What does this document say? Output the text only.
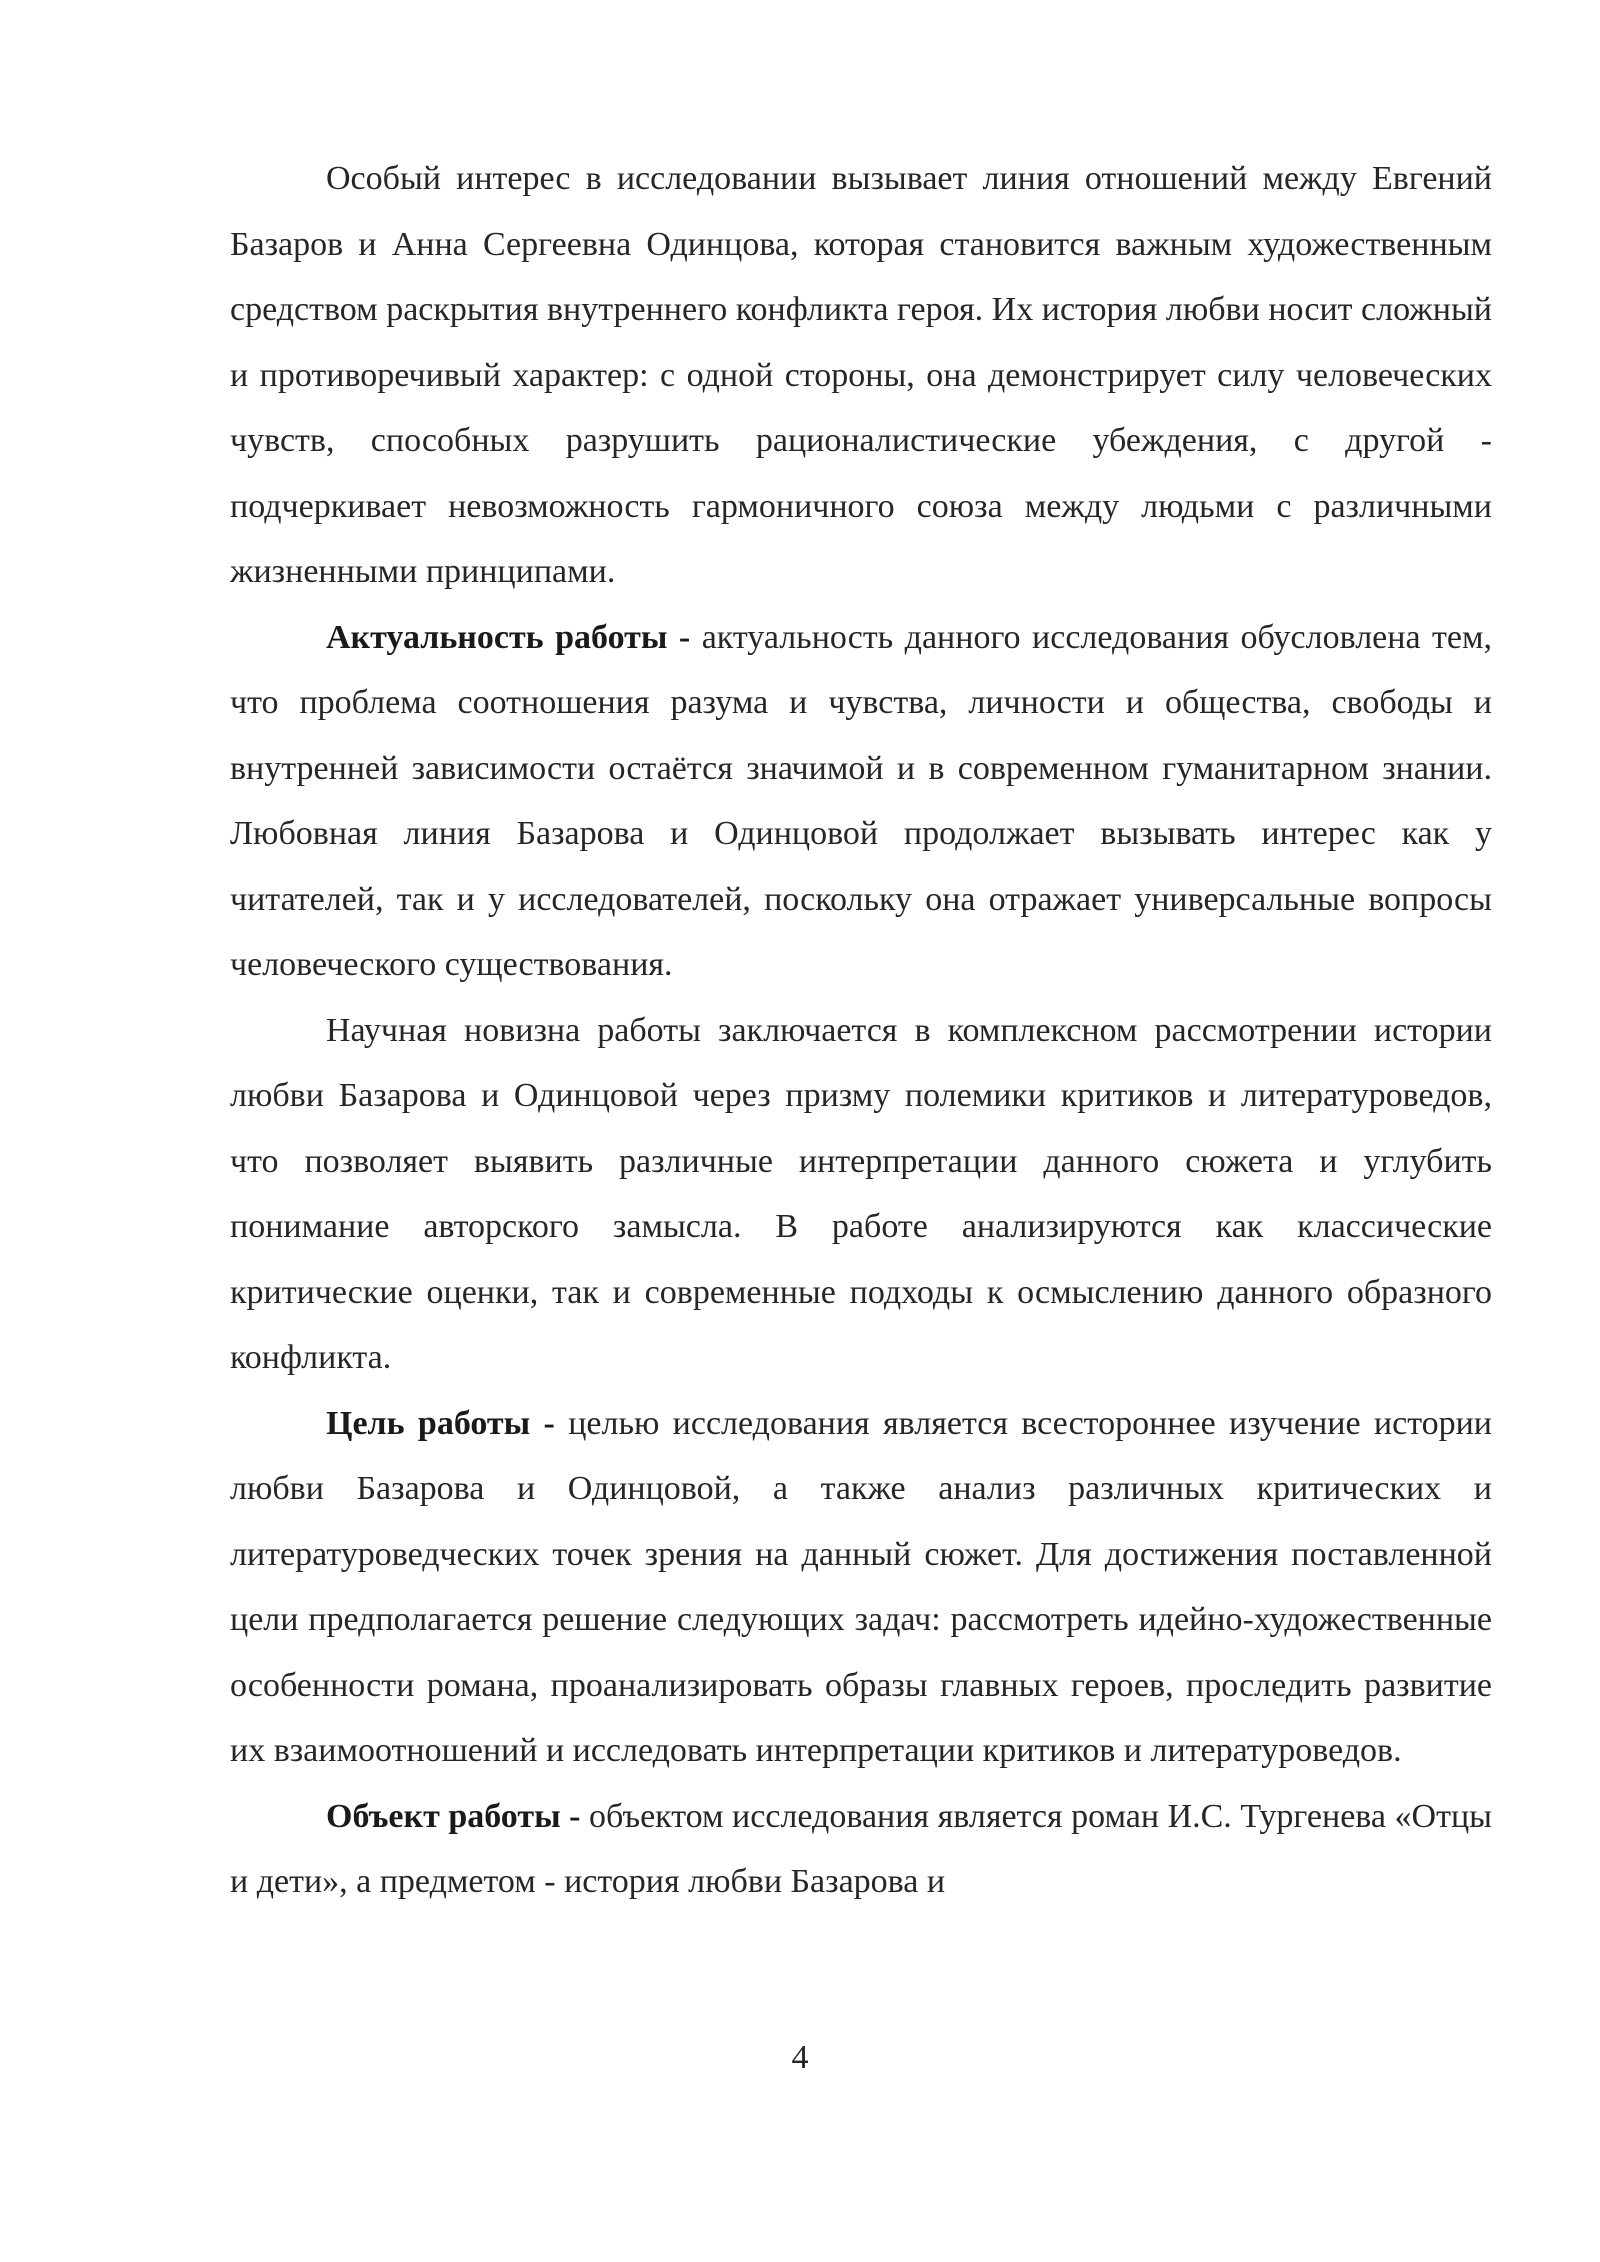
Особый интерес в исследовании вызывает линия отношений между Евгений Базаров и Анна Сергеевна Одинцова, которая становится важным художественным средством раскрытия внутреннего конфликта героя. Их история любви носит сложный и противоречивый характер: с одной стороны, она демонстрирует силу человеческих чувств, способных разрушить рационалистические убеждения, с другой - подчеркивает невозможность гармоничного союза между людьми с различными жизненными принципами.

Актуальность работы - актуальность данного исследования обусловлена тем, что проблема соотношения разума и чувства, личности и общества, свободы и внутренней зависимости остаётся значимой и в современном гуманитарном знании. Любовная линия Базарова и Одинцовой продолжает вызывать интерес как у читателей, так и у исследователей, поскольку она отражает универсальные вопросы человеческого существования.

Научная новизна работы заключается в комплексном рассмотрении истории любви Базарова и Одинцовой через призму полемики критиков и литературоведов, что позволяет выявить различные интерпретации данного сюжета и углубить понимание авторского замысла. В работе анализируются как классические критические оценки, так и современные подходы к осмыслению данного образного конфликта.

Цель работы - целью исследования является всестороннее изучение истории любви Базарова и Одинцовой, а также анализ различных критических и литературоведческих точек зрения на данный сюжет. Для достижения поставленной цели предполагается решение следующих задач: рассмотреть идейно-художественные особенности романа, проанализировать образы главных героев, проследить развитие их взаимоотношений и исследовать интерпретации критиков и литературоведов.

Объект работы - объектом исследования является роман И.С. Тургенева «Отцы и дети», а предметом - история любви Базарова и

4
